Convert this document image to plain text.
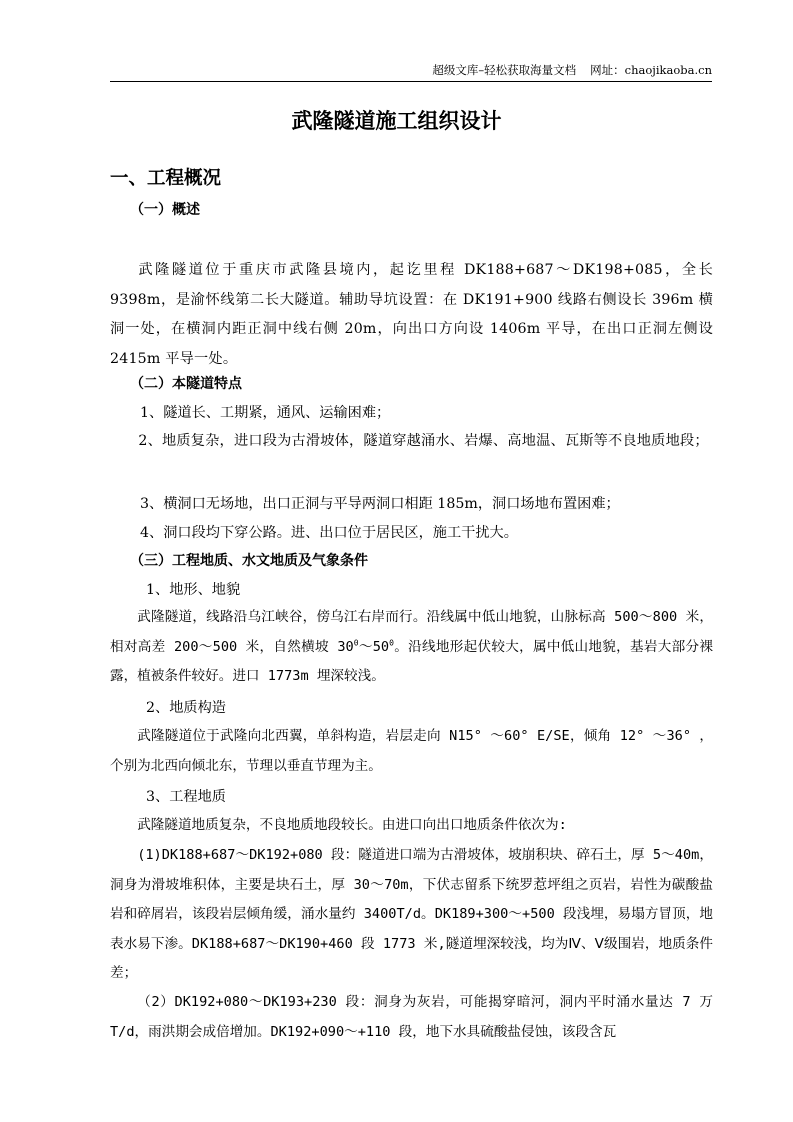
超级文库–轻松获取海量文档 网址：chaojikaoba.cn
武隆隧道施工组织设计
一、工程概况
（一）概述
武隆隧道位于重庆市武隆县境内，起讫里程 DK188+687～DK198+085，全长 9398m，是渝怀线第二长大隧道。辅助导坑设置：在 DK191+900 线路右侧设长 396m 横洞一处，在横洞内距正洞中线右侧 20m，向出口方向设 1406m 平导，在出口正洞左侧设 2415m 平导一处。
（二）本隧道特点
1、隧道长、工期紧，通风、运输困难；
2、地质复杂，进口段为古滑坡体，隧道穿越涌水、岩爆、高地温、瓦斯等不良地质地段；
3、横洞口无场地，出口正洞与平导两洞口相距 185m，洞口场地布置困难；
4、洞口段均下穿公路。进、出口位于居民区，施工干扰大。
（三）工程地质、水文地质及气象条件
1、地形、地貌
武隆隧道，线路沿乌江峡谷，傍乌江右岸而行。沿线属中低山地貌，山脉标高 500～800 米，相对高差 200～500 米，自然横坡 $30^0\sim 50^0$。沿线地形起伏较大，属中低山地貌，基岩大部分裸露，植被条件较好。进口 1773m 埋深较浅。
2、地质构造
武隆隧道位于武隆向北西翼，单斜构造，岩层走向 N15° ～60° E/SE，倾角 12° ～36° ，个别为北西向倾北东，节理以垂直节理为主。
3、工程地质
武隆隧道地质复杂，不良地质地段较长。由进口向出口地质条件依次为:
(1)DK188+687～DK192+080 段：隧道进口端为古滑坡体，坡崩积块、碎石土，厚 5～40m，洞身为滑坡堆积体，主要是块石土，厚 30～70m，下伏志留系下统罗惹坪组之页岩，岩性为碳酸盐岩和碎屑岩，该段岩层倾角缓，涌水量约 3400T/d。DK189+300～+500 段浅埋，易塌方冒顶，地表水易下渗。DK188+687～DK190+460 段 1773 米,隧道埋深较浅，均为Ⅳ、Ⅴ级围岩，地质条件差；
（2）DK192+080～DK193+230 段：洞身为灰岩，可能揭穿暗河，洞内平时涌水量达 7 万 T/d，雨洪期会成倍增加。DK192+090～+110 段，地下水具硫酸盐侵蚀，该段含瓦
